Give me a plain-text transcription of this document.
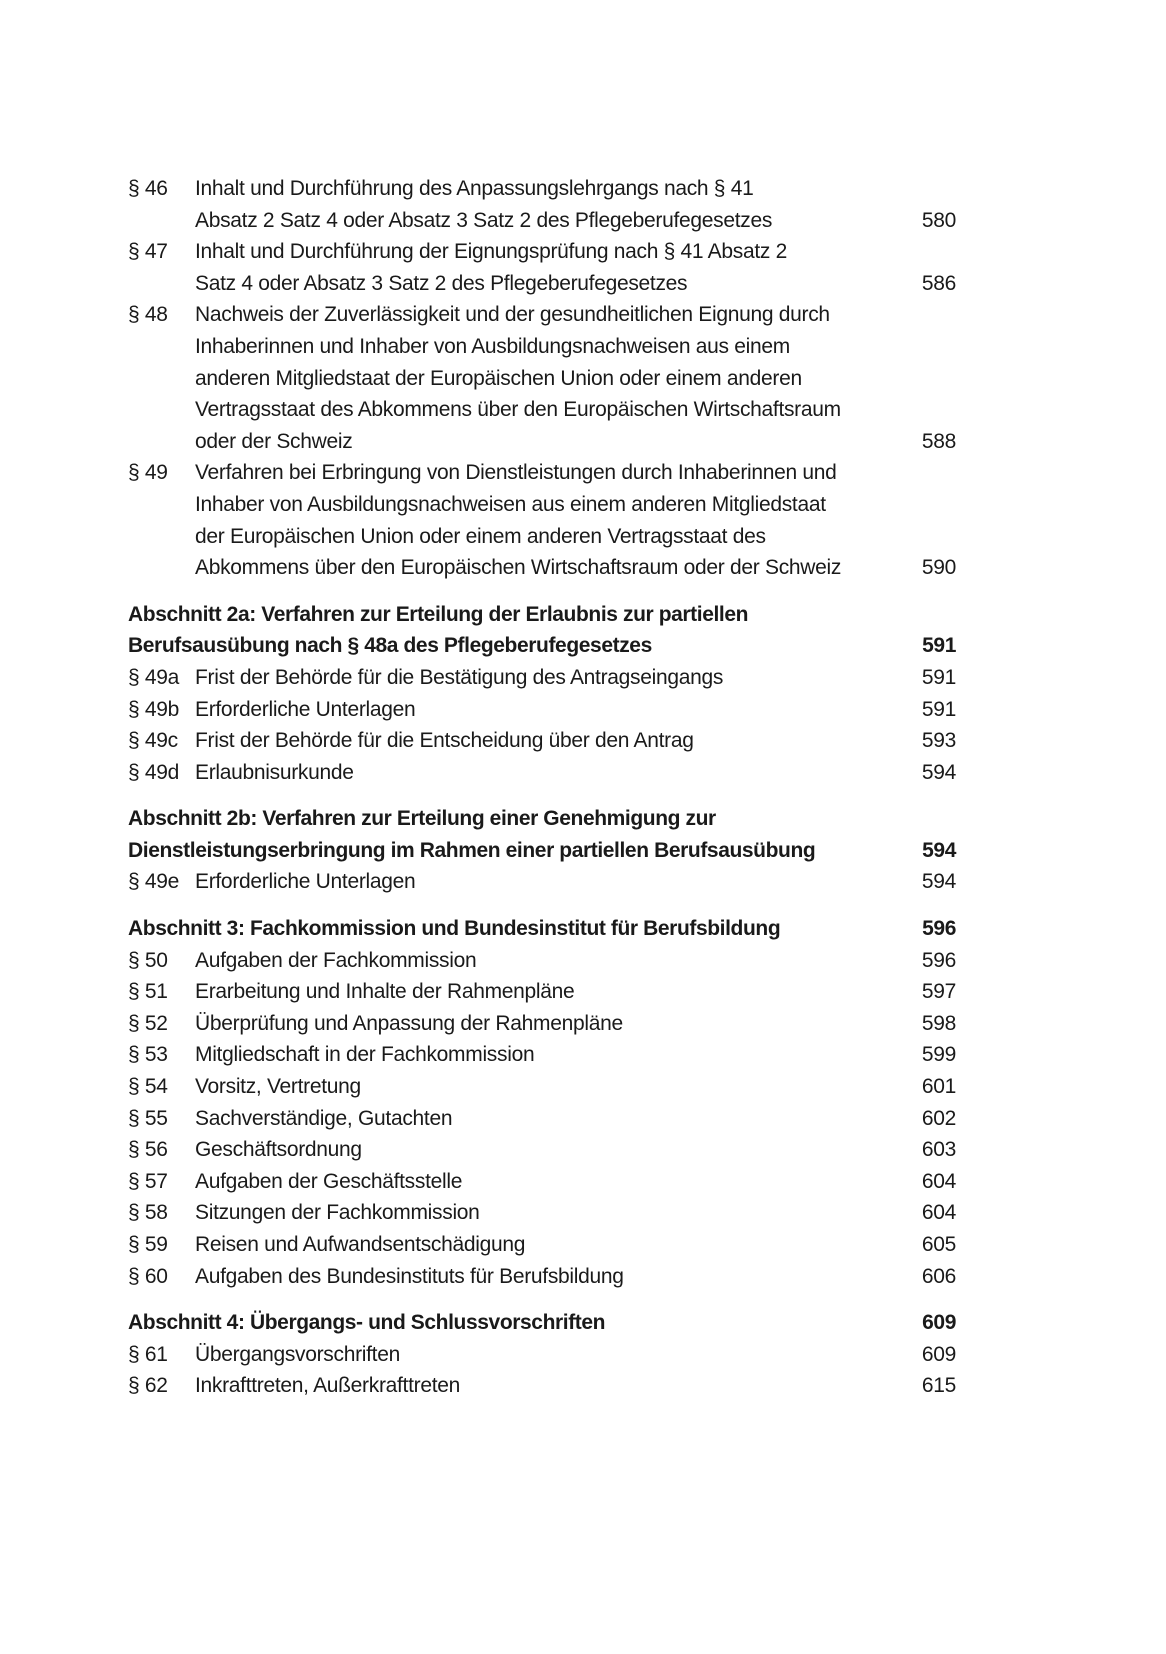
§ 46	Inhalt und Durchführung des Anpassungslehrgangs nach § 41
Absatz 2 Satz 4 oder Absatz 3 Satz 2 des Pflegeberufegesetzes	580
§ 47	Inhalt und Durchführung der Eignungsprüfung nach § 41 Absatz 2
Satz 4 oder Absatz 3 Satz 2 des Pflegeberufegesetzes	586
§ 48	Nachweis der Zuverlässigkeit und der gesundheitlichen Eignung durch
Inhaberinnen und Inhaber von Ausbildungsnachweisen aus einem
anderen Mitgliedstaat der Europäischen Union oder einem anderen
Vertragsstaat des Abkommens über den Europäischen Wirtschaftsraum
oder der Schweiz	588
§ 49	Verfahren bei Erbringung von Dienstleistungen durch Inhaberinnen und
Inhaber von Ausbildungsnachweisen aus einem anderen Mitgliedstaat
der Europäischen Union oder einem anderen Vertragsstaat des
Abkommens über den Europäischen Wirtschaftsraum oder der Schweiz	590
Abschnitt 2a: Verfahren zur Erteilung der Erlaubnis zur partiellen
Berufsausübung nach § 48a des Pflegeberufegesetzes	591
§ 49a Frist der Behörde für die Bestätigung des Antragseingangs	591
§ 49b Erforderliche Unterlagen	591
§ 49c Frist der Behörde für die Entscheidung über den Antrag	593
§ 49d Erlaubnisurkunde	594
Abschnitt 2b: Verfahren zur Erteilung einer Genehmigung zur
Dienstleistungserbringung im Rahmen einer partiellen Berufsausübung	594
§ 49e Erforderliche Unterlagen	594
Abschnitt 3: Fachkommission und Bundesinstitut für Berufsbildung	596
§ 50	Aufgaben der Fachkommission	596
§ 51	Erarbeitung und Inhalte der Rahmenpläne	597
§ 52	Überprüfung und Anpassung der Rahmenpläne	598
§ 53	Mitgliedschaft in der Fachkommission	599
§ 54	Vorsitz, Vertretung	601
§ 55	Sachverständige, Gutachten	602
§ 56	Geschäftsordnung	603
§ 57	Aufgaben der Geschäftsstelle	604
§ 58	Sitzungen der Fachkommission	604
§ 59	Reisen und Aufwandsentschädigung	605
§ 60	Aufgaben des Bundesinstituts für Berufsbildung	606
Abschnitt 4: Übergangs- und Schlussvorschriften	609
§ 61	Übergangsvorschriften	609
§ 62	Inkrafttreten, Außerkrafttreten	615
